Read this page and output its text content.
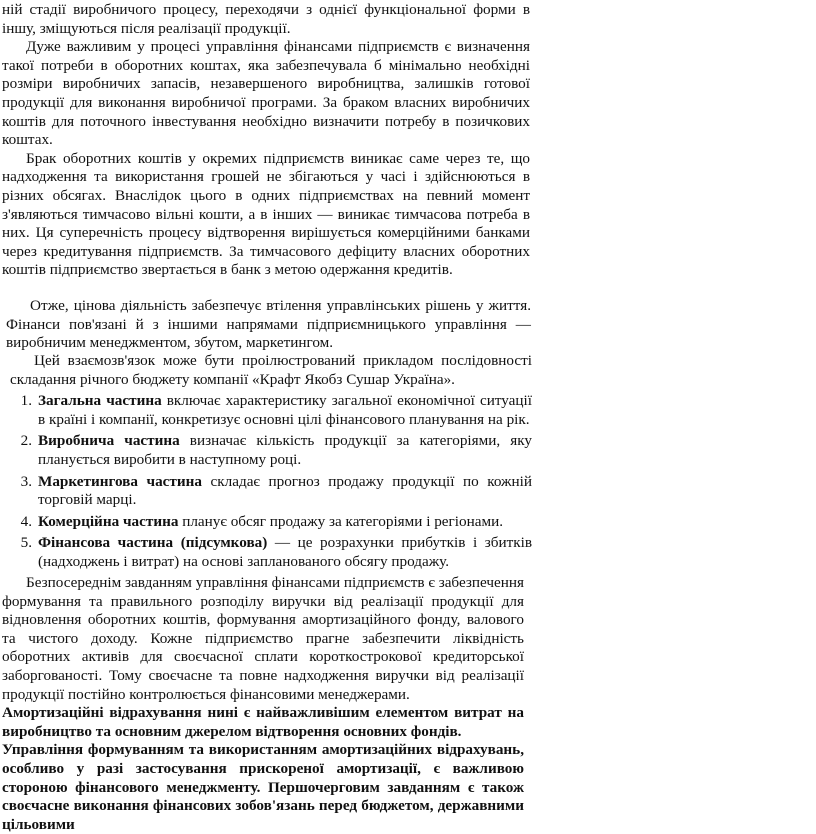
ній стадії виробничого процесу, переходячи з однієї функціональної форми в іншу, зміщуються після реалізації продукції.

Дуже важливим у процесі управління фінансами підприємств є визначення такої потреби в оборотних коштах, яка забезпечувала б мінімально необхідні розміри виробничих запасів, незавершеного виробництва, залишків готової продукції для виконання виробничої програми. За браком власних виробничих коштів для поточного інвестування необхідно визначити потребу в позичкових коштах.

Брак оборотних коштів у окремих підприємств виникає саме через те, що надходження та використання грошей не збігаються у часі і здійснюються в різних обсягах. Внаслідок цього в одних підприємствах на певний момент з'являються тимчасово вільні кошти, а в інших — виникає тимчасова потреба в них. Ця суперечність процесу відтворення вирішується комерційними банками через кредитування підприємств. За тимчасового дефіциту власних оборотних коштів підприємство звертається в банк з метою одержання кредитів.

Отже, цінова діяльність забезпечує втілення управлінських рішень у життя. Фінанси пов'язані й з іншими напрямами підприємницького управління — виробничим менеджментом, збутом, маркетингом.

Цей взаємозв'язок може бути проілюстрований прикладом послідовності складання річного бюджету компанії «Крафт Якобз Сушар Україна».

1. Загальна частина включає характеристику загальної економічної ситуації в країні і компанії, конкретизує основні цілі фінансового планування на рік.
2. Виробнича частина визначає кількість продукції за категоріями, яку планується виробити в наступному році.
3. Маркетингова частина складає прогноз продажу продукції по кожній торговій марці.
4. Комерційна частина планує обсяг продажу за категоріями і регіонами.
5. Фінансова частина (підсумкова) — це розрахунки прибутків і збитків (надходжень і витрат) на основі запланованого обсягу продажу.

Безпосереднім завданням управління фінансами підприємств є забезпечення формування та правильного розподілу виручки від реалізації продукції для відновлення оборотних коштів, формування амортизаційного фонду, валового та чистого доходу. Кожне підприємство прагне забезпечити ліквідність оборотних активів для своєчасної сплати короткострокової кредиторської заборгованості. Тому своєчасне та повне надходження виручки від реалізації продукції постійно контролюється фінансовими менеджерами.

Амортизаційні відрахування нині є найважливішим елементом витрат на виробництво та основним джерелом відтворення основних фондів.

Управління формуванням та використанням амортизаційних відрахувань, особливо у разі застосування прискореної амортизації, є важливою стороною фінансового менеджменту. Першочерговим завданням є також своєчасне виконання фінансових зобов'язань перед бюджетом, державними цільовими
